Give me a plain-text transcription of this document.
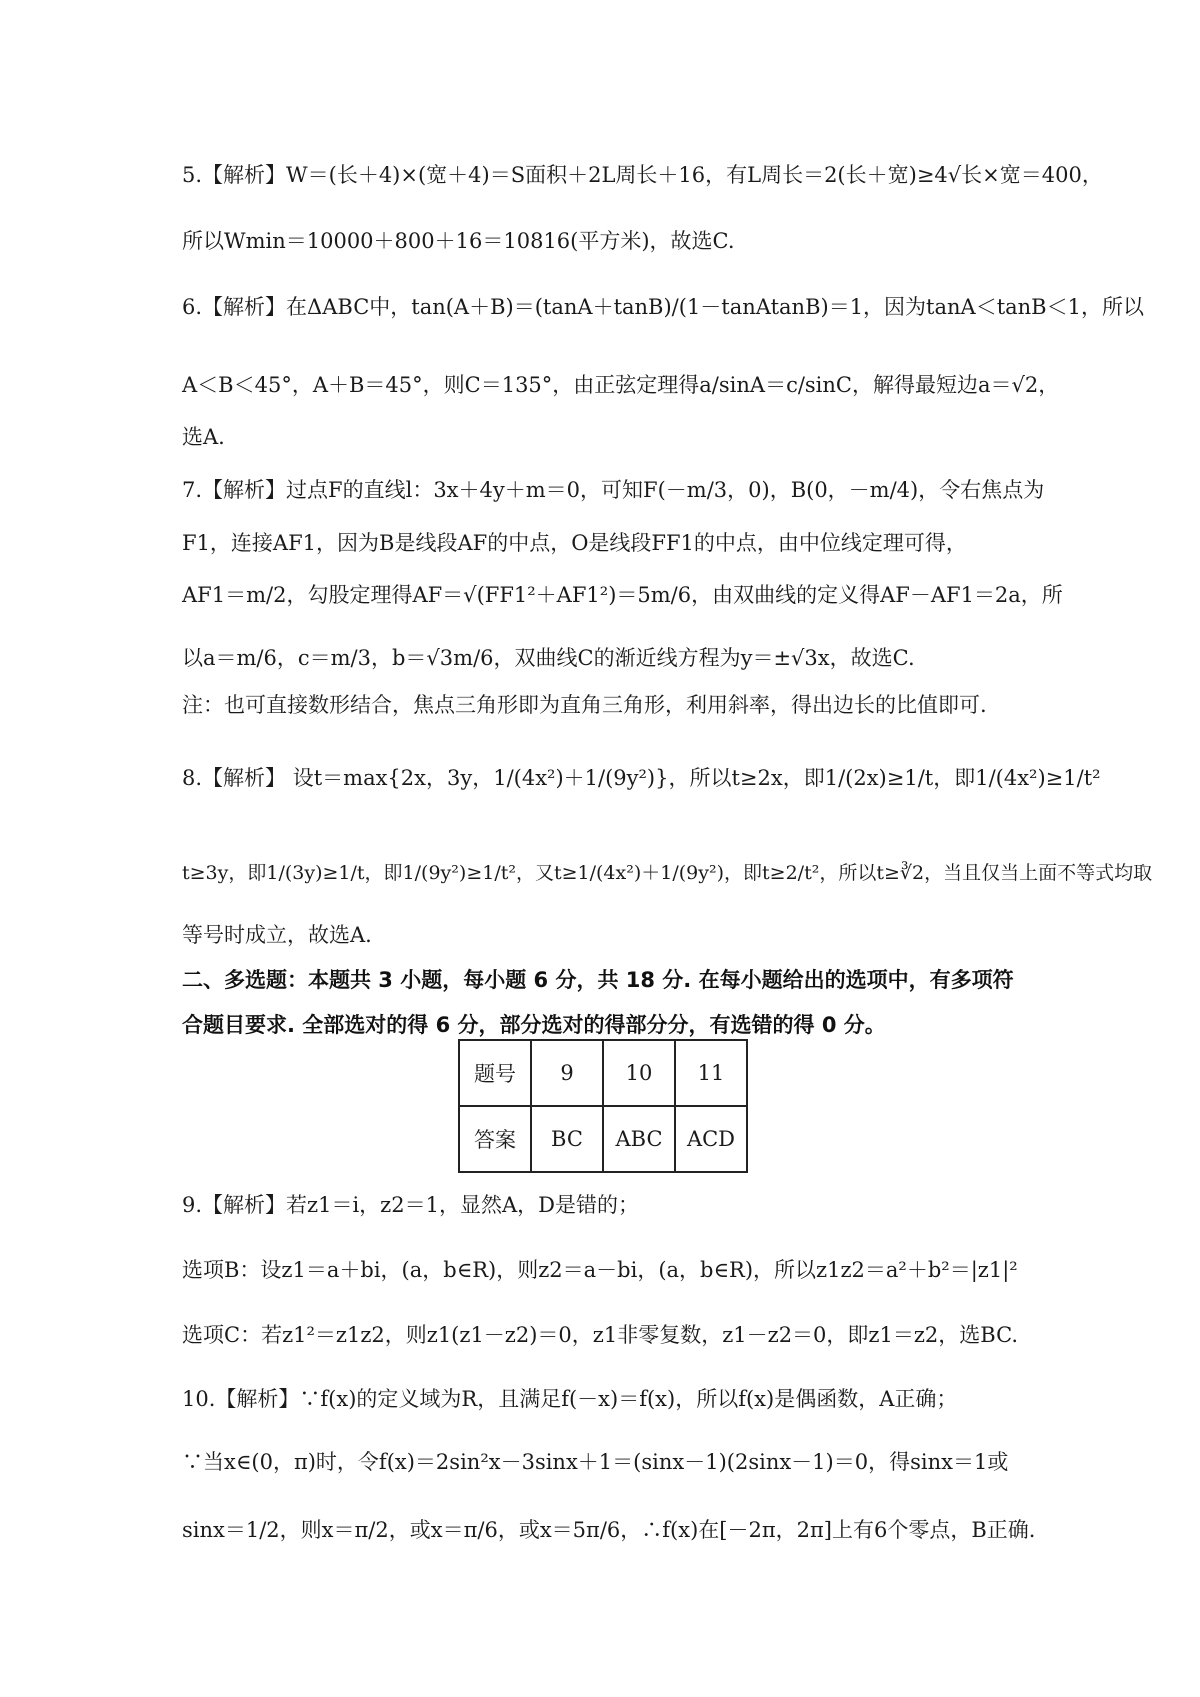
5.【解析】W＝(长＋4)×(宽＋4)＝S面积＋2L周长＋16，有L周长＝2(长＋宽)≥4√长×宽＝400，
所以Wmin＝10000＋800＋16＝10816(平方米)，故选C.
6.【解析】在ΔABC中，tan(A＋B)＝(tanA＋tanB)/(1－tanAtanB)＝1，因为tanA＜tanB＜1，所以
A＜B＜45°，A＋B＝45°，则C＝135°，由正弦定理得a/sinA＝c/sinC，解得最短边a＝√2，
选A.
7.【解析】过点F的直线l：3x＋4y＋m＝0，可知F(－m/3，0)，B(0，－m/4)，令右焦点为
F1，连接AF1，因为B是线段AF的中点，O是线段FF1的中点，由中位线定理可得，
AF1＝m/2，勾股定理得AF＝√(FF1²＋AF1²)＝5m/6，由双曲线的定义得AF－AF1＝2a，所
以a＝m/6，c＝m/3，b＝√3m/6，双曲线C的渐近线方程为y＝±√3x，故选C.
注：也可直接数形结合，焦点三角形即为直角三角形，利用斜率，得出边长的比值即可.
8.【解析】 设t＝max{2x，3y，1/(4x²)＋1/(9y²)}，所以t≥2x，即1/(2x)≥1/t，即1/(4x²)≥1/t²
t≥3y，即1/(3y)≥1/t，即1/(9y²)≥1/t²，又t≥1/(4x²)＋1/(9y²)，即t≥2/t²，所以t≥∛2，当且仅当上面不等式均取
等号时成立，故选A.
9.【解析】若z1＝i，z2＝1，显然A，D是错的；
选项B：设z1＝a＋bi，(a，b∈R)，则z2＝a－bi，(a，b∈R)，所以z1z2＝a²＋b²＝|z1|²
选项C：若z1²＝z1z2，则z1(z1－z2)＝0，z1非零复数，z1－z2＝0，即z1＝z2，选BC.
10.【解析】∵f(x)的定义域为R，且满足f(－x)＝f(x)，所以f(x)是偶函数，A正确；
∵当x∈(0，π)时，令f(x)＝2sin²x－3sinx＋1＝(sinx－1)(2sinx－1)＝0，得sinx＝1或
sinx＝1/2，则x＝π/2，或x＝π/6，或x＝5π/6，∴f(x)在[－2π，2π]上有6个零点，B正确.
二、多选题：本题共 3 小题，每小题 6 分，共 18 分. 在每小题给出的选项中，有多项符
合题目要求. 全部选对的得 6 分，部分选对的得部分分，有选错的得 0 分。
题号	9	10	11
答案	BC	ABC	ACD
